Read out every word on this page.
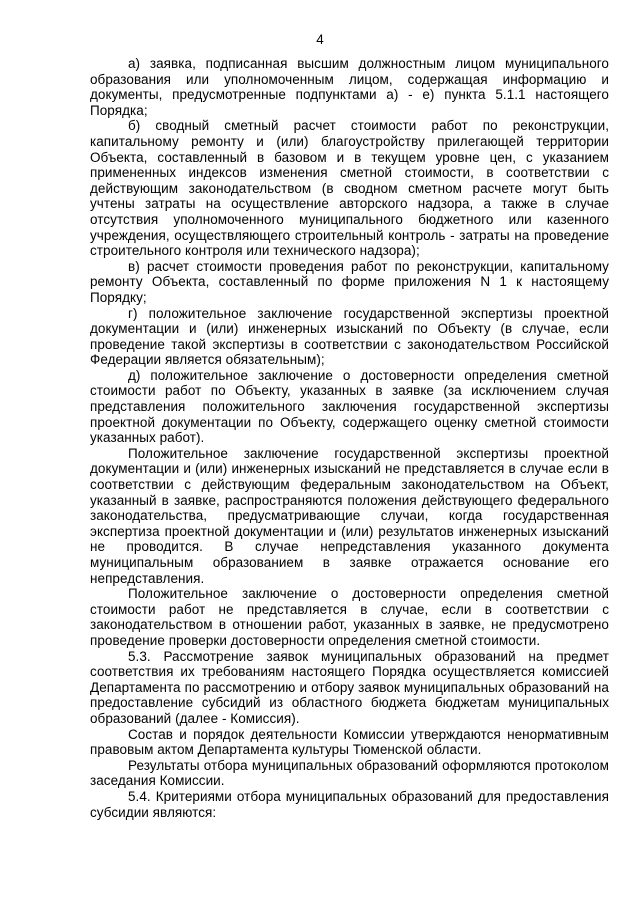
4

а) заявка, подписанная высшим должностным лицом муниципального образования или уполномоченным лицом, содержащая информацию и документы, предусмотренные подпунктами а) - е) пункта 5.1.1 настоящего Порядка;

б) сводный сметный расчет стоимости работ по реконструкции, капитальному ремонту и (или) благоустройству прилегающей территории Объекта, составленный в базовом и в текущем уровне цен, с указанием примененных индексов изменения сметной стоимости, в соответствии с действующим законодательством (в сводном сметном расчете могут быть учтены затраты на осуществление авторского надзора, а также в случае отсутствия уполномоченного муниципального бюджетного или казенного учреждения, осуществляющего строительный контроль - затраты на проведение строительного контроля или технического надзора);

в) расчет стоимости проведения работ по реконструкции, капитальному ремонту Объекта, составленный по форме приложения N 1 к настоящему Порядку;

г) положительное заключение государственной экспертизы проектной документации и (или) инженерных изысканий по Объекту (в случае, если проведение такой экспертизы в соответствии с законодательством Российской Федерации является обязательным);

д) положительное заключение о достоверности определения сметной стоимости работ по Объекту, указанных в заявке (за исключением случая представления положительного заключения государственной экспертизы проектной документации по Объекту, содержащего оценку сметной стоимости указанных работ).

Положительное заключение государственной экспертизы проектной документации и (или) инженерных изысканий не представляется в случае если в соответствии с действующим федеральным законодательством на Объект, указанный в заявке, распространяются положения действующего федерального законодательства, предусматривающие случаи, когда государственная экспертиза проектной документации и (или) результатов инженерных изысканий не проводится. В случае непредставления указанного документа муниципальным образованием в заявке отражается основание его непредставления.

Положительное заключение о достоверности определения сметной стоимости работ не представляется в случае, если в соответствии с законодательством в отношении работ, указанных в заявке, не предусмотрено проведение проверки достоверности определения сметной стоимости.

5.3. Рассмотрение заявок муниципальных образований на предмет соответствия их требованиям настоящего Порядка осуществляется комиссией Департамента по рассмотрению и отбору заявок муниципальных образований на предоставление субсидий из областного бюджета бюджетам муниципальных образований (далее - Комиссия).

Состав и порядок деятельности Комиссии утверждаются ненормативным правовым актом Департамента культуры Тюменской области.

Результаты отбора муниципальных образований оформляются протоколом заседания Комиссии.

5.4. Критериями отбора муниципальных образований для предоставления субсидии являются:
